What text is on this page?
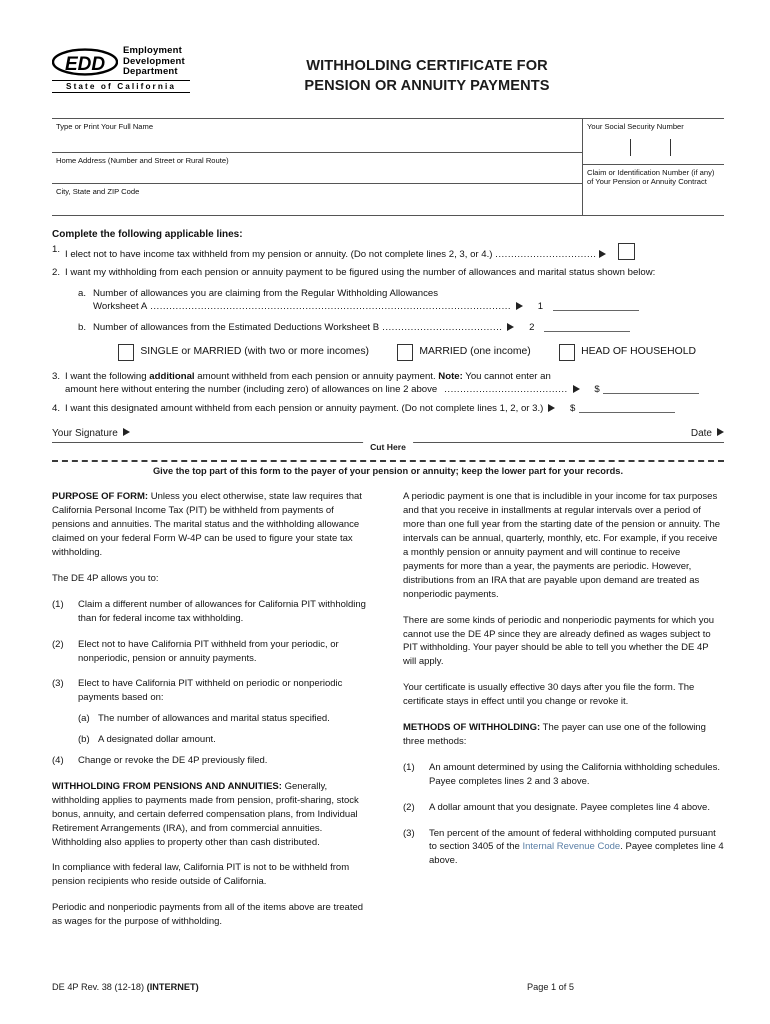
EDD
Employment
Development
Department
State of California
WITHHOLDING CERTIFICATE FOR
PENSION OR ANNUITY PAYMENTS
Type or Print Your Full Name
Home Address (Number and Street or Rural Route)
City, State and ZIP Code
Your Social Security Number
Claim or Identification Number (if any)
of Your Pension or Annuity Contract
Complete the following applicable lines:
1. I elect not to have income tax withheld from my pension or annuity. (Do not complete lines 2, 3, or 4.) ................................
2. I want my withholding from each pension or annuity payment to be figured using the number of allowances and marital status shown below:
a. Number of allowances you are claiming from the Regular Withholding Allowances
Worksheet A ..................................................................................................................	1
b. Number of allowances from the Estimated Deductions Worksheet B ......................................	2
SINGLE or MARRIED (with two or more incomes)	MARRIED (one income)	HEAD OF HOUSEHOLD
3. I want the following additional amount withheld from each pension or annuity payment. Note: You cannot enter an
amount here without entering the number (including zero) of allowances on line 2 above .......................................	$
4. I want this designated amount withheld from each pension or annuity payment. (Do not complete lines 1, 2, or 3.)	$
Your Signature	Date
Cut Here
Give the top part of this form to the payer of your pension or annuity; keep the lower part for your records.

PURPOSE OF FORM: Unless you elect otherwise, state law requires that California Personal Income Tax (PIT) be withheld from payments of pensions and annuities. The marital status and the withholding allowance claimed on your federal Form W-4P can be used to figure your state tax withholding.

The DE 4P allows you to:

(1)	Claim a different number of allowances for California PIT withholding than for federal income tax withholding.
(2)	Elect not to have California PIT withheld from your periodic, or nonperiodic, pension or annuity payments.
(3)	Elect to have California PIT withheld on periodic or nonperiodic payments based on:
(a) The number of allowances and marital status specified.
(b) A designated dollar amount.
(4)	Change or revoke the DE 4P previously filed.

WITHHOLDING FROM PENSIONS AND ANNUITIES: Generally, withholding applies to payments made from pension, profit-sharing, stock bonus, annuity, and certain deferred compensation plans, from Individual Retirement Arrangements (IRA), and from commercial annuities. Withholding also applies to property other than cash distributed.

In compliance with federal law, California PIT is not to be withheld from pension recipients who reside outside of California.

Periodic and nonperiodic payments from all of the items above are treated as wages for the purpose of withholding.

A periodic payment is one that is includible in your income for tax purposes and that you receive in installments at regular intervals over a period of more than one full year from the starting date of the pension or annuity. The intervals can be annual, quarterly, monthly, etc. For example, if you receive a monthly pension or annuity payment and will continue to receive payments for more than a year, the payments are periodic. However, distributions from an IRA that are payable upon demand are treated as nonperiodic payments.

There are some kinds of periodic and nonperiodic payments for which you cannot use the DE 4P since they are already defined as wages subject to PIT withholding. Your payer should be able to tell you whether the DE 4P will apply.

Your certificate is usually effective 30 days after you file the form. The certificate stays in effect until you change or revoke it.

METHODS OF WITHHOLDING: The payer can use one of the following three methods:

(1)	An amount determined by using the California withholding schedules. Payee completes lines 2 and 3 above.
(2)	A dollar amount that you designate. Payee completes line 4 above.
(3)	Ten percent of the amount of federal withholding computed pursuant to section 3405 of the Internal Revenue Code. Payee completes line 4 above.
DE 4P Rev. 38 (12-18) (INTERNET)	Page 1 of 5
